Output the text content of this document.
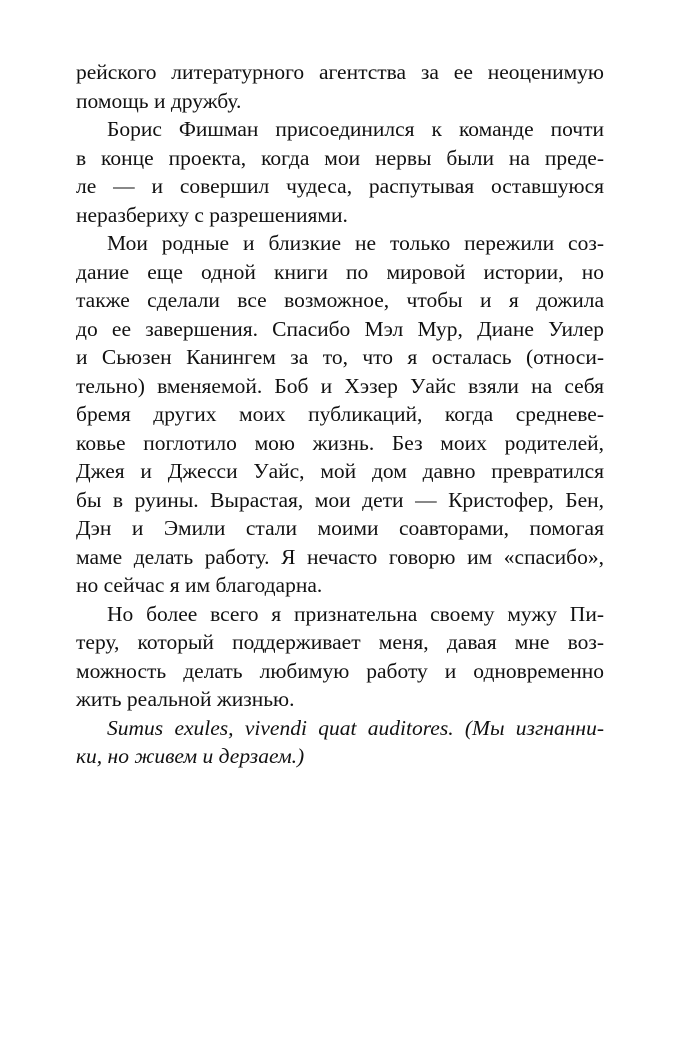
рейского литературного агентства за ее неоценимую
помощь и дружбу.
Борис Фишман присоединился к команде почти
в конце проекта, когда мои нервы были на преде-
ле — и совершил чудеса, распутывая оставшуюся
неразбериху с разрешениями.
Мои родные и близкие не только пережили соз-
дание еще одной книги по мировой истории, но
также сделали все возможное, чтобы и я дожила
до ее завершения. Спасибо Мэл Мур, Диане Уилер
и Сьюзен Канингем за то, что я осталась (относи-
тельно) вменяемой. Боб и Хэзер Уайс взяли на себя
бремя других моих публикаций, когда средневе-
ковье поглотило мою жизнь. Без моих родителей,
Джея и Джесси Уайс, мой дом давно превратился
бы в руины. Вырастая, мои дети — Кристофер, Бен,
Дэн и Эмили стали моими соавторами, помогая
маме делать работу. Я нечасто говорю им «спасибо»,
но сейчас я им благодарна.
Но более всего я признательна своему мужу Пи-
теру, который поддерживает меня, давая мне воз-
можность делать любимую работу и одновременно
жить реальной жизнью.
Sumus exules, vivendi quat auditores. (Мы изгнанни-
ки, но живем и дерзаем.)
